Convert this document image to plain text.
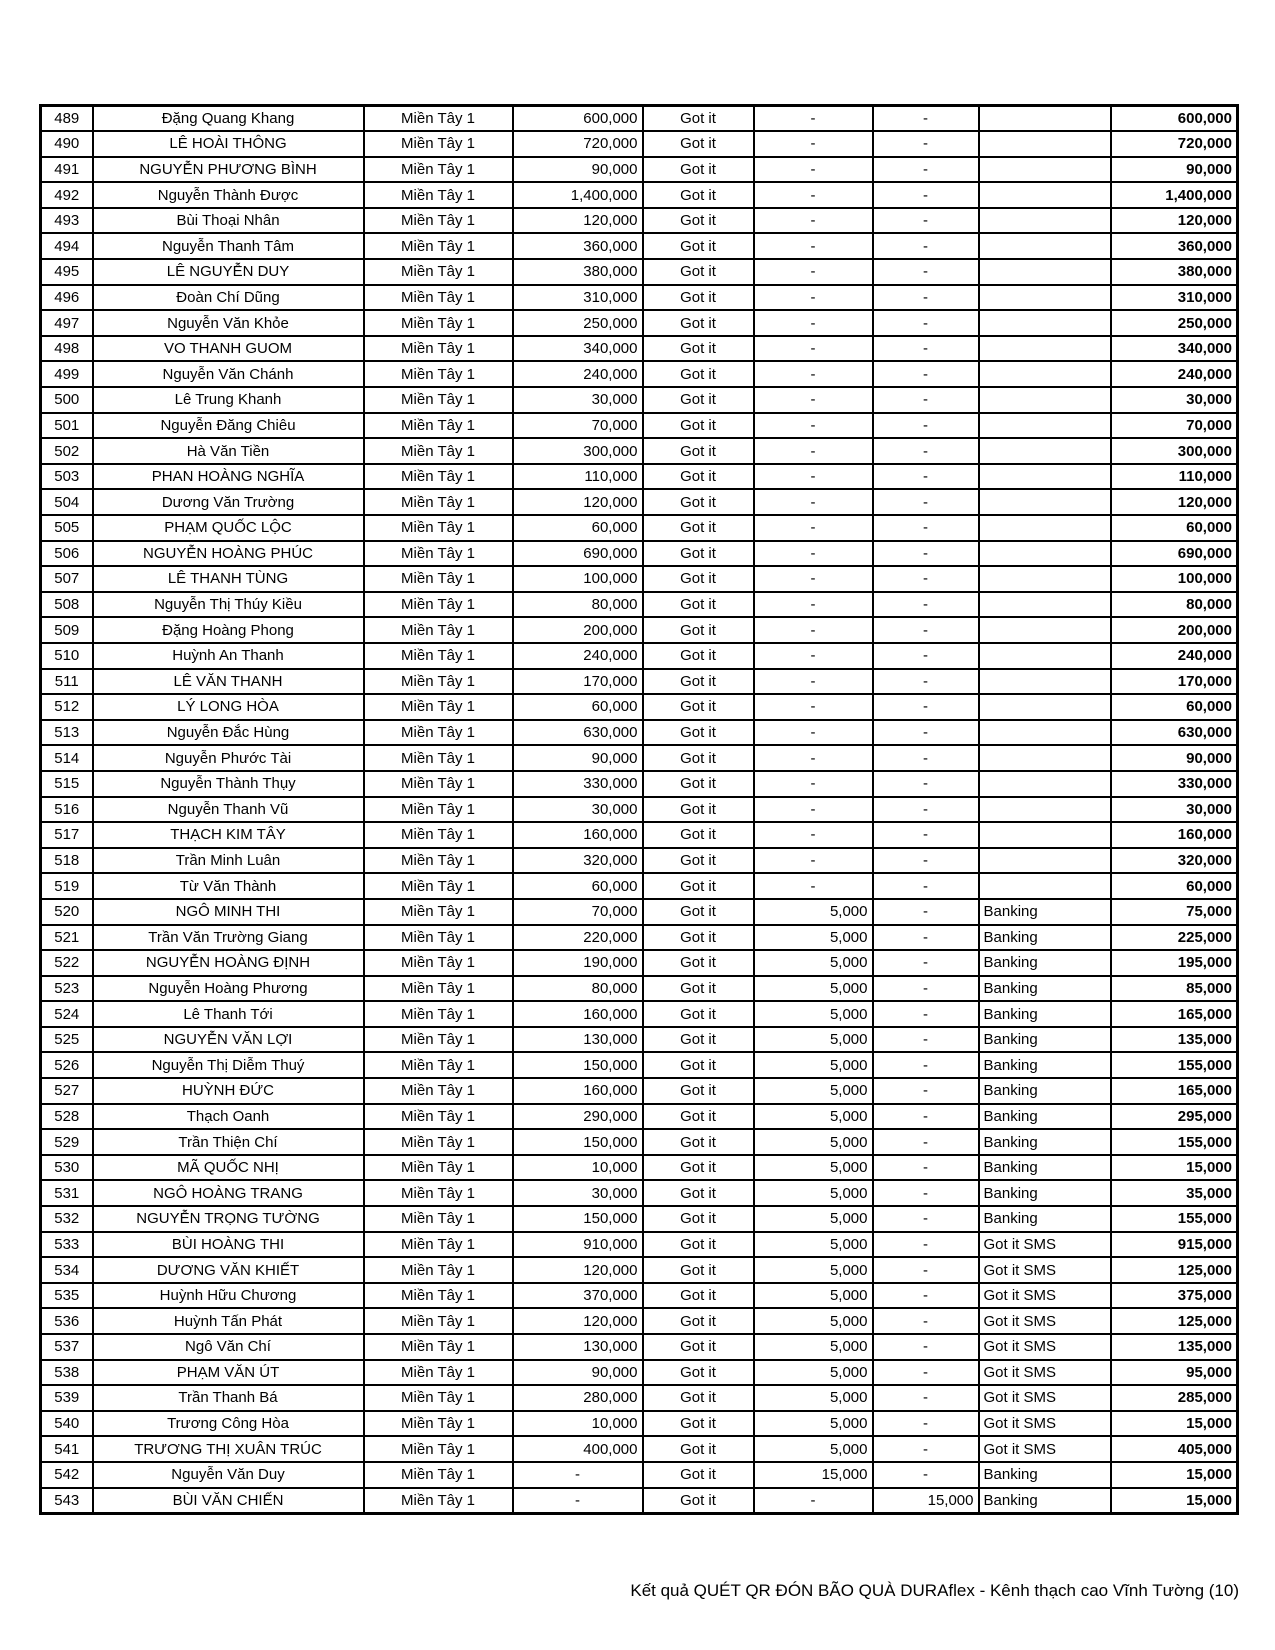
489	Đặng Quang Khang	Miền Tây 1	600,000	Got it	-	-		600,000
490	LÊ HOÀI THÔNG	Miền Tây 1	720,000	Got it	-	-		720,000
491	NGUYỄN PHƯƠNG BÌNH	Miền Tây 1	90,000	Got it	-	-		90,000
492	Nguyễn Thành Được	Miền Tây 1	1,400,000	Got it	-	-		1,400,000
493	Bùi Thoại Nhân	Miền Tây 1	120,000	Got it	-	-		120,000
494	Nguyễn Thanh Tâm	Miền Tây 1	360,000	Got it	-	-		360,000
495	LÊ NGUYỄN DUY	Miền Tây 1	380,000	Got it	-	-		380,000
496	Đoàn Chí Dũng	Miền Tây 1	310,000	Got it	-	-		310,000
497	Nguyễn Văn Khỏe	Miền Tây 1	250,000	Got it	-	-		250,000
498	VO THANH GUOM	Miền Tây 1	340,000	Got it	-	-		340,000
499	Nguyễn Văn Chánh	Miền Tây 1	240,000	Got it	-	-		240,000
500	Lê Trung Khanh	Miền Tây 1	30,000	Got it	-	-		30,000
501	Nguyễn Đăng Chiêu	Miền Tây 1	70,000	Got it	-	-		70,000
502	Hà Văn Tiền	Miền Tây 1	300,000	Got it	-	-		300,000
503	PHAN HOÀNG NGHĨA	Miền Tây 1	110,000	Got it	-	-		110,000
504	Dương Văn Trường	Miền Tây 1	120,000	Got it	-	-		120,000
505	PHẠM QUỐC LỘC	Miền Tây 1	60,000	Got it	-	-		60,000
506	NGUYỄN HOÀNG PHÚC	Miền Tây 1	690,000	Got it	-	-		690,000
507	LÊ THANH TÙNG	Miền Tây 1	100,000	Got it	-	-		100,000
508	Nguyễn Thị Thúy Kiều	Miền Tây 1	80,000	Got it	-	-		80,000
509	Đặng Hoàng Phong	Miền Tây 1	200,000	Got it	-	-		200,000
510	Huỳnh An Thanh	Miền Tây 1	240,000	Got it	-	-		240,000
511	LÊ VĂN THANH	Miền Tây 1	170,000	Got it	-	-		170,000
512	LÝ LONG HÒA	Miền Tây 1	60,000	Got it	-	-		60,000
513	Nguyễn Đắc Hùng	Miền Tây 1	630,000	Got it	-	-		630,000
514	Nguyễn Phước Tài	Miền Tây 1	90,000	Got it	-	-		90,000
515	Nguyễn Thành Thụy	Miền Tây 1	330,000	Got it	-	-		330,000
516	Nguyễn Thanh Vũ	Miền Tây 1	30,000	Got it	-	-		30,000
517	THẠCH KIM TÂY	Miền Tây 1	160,000	Got it	-	-		160,000
518	Trần Minh Luân	Miền Tây 1	320,000	Got it	-	-		320,000
519	Từ Văn Thành	Miền Tây 1	60,000	Got it	-	-		60,000
520	NGÔ MINH THI	Miền Tây 1	70,000	Got it	5,000	-	Banking	75,000
521	Trần Văn Trường Giang	Miền Tây 1	220,000	Got it	5,000	-	Banking	225,000
522	NGUYỄN HOÀNG ĐỊNH	Miền Tây 1	190,000	Got it	5,000	-	Banking	195,000
523	Nguyễn Hoàng Phương	Miền Tây 1	80,000	Got it	5,000	-	Banking	85,000
524	Lê Thanh Tới	Miền Tây 1	160,000	Got it	5,000	-	Banking	165,000
525	NGUYỄN VĂN LỢI	Miền Tây 1	130,000	Got it	5,000	-	Banking	135,000
526	Nguyễn Thị Diễm Thuý	Miền Tây 1	150,000	Got it	5,000	-	Banking	155,000
527	HUỲNH ĐỨC	Miền Tây 1	160,000	Got it	5,000	-	Banking	165,000
528	Thạch Oanh	Miền Tây 1	290,000	Got it	5,000	-	Banking	295,000
529	Trần Thiện Chí	Miền Tây 1	150,000	Got it	5,000	-	Banking	155,000
530	MÃ QUỐC NHỊ	Miền Tây 1	10,000	Got it	5,000	-	Banking	15,000
531	NGÔ HOÀNG TRANG	Miền Tây 1	30,000	Got it	5,000	-	Banking	35,000
532	NGUYỄN TRỌNG TƯỜNG	Miền Tây 1	150,000	Got it	5,000	-	Banking	155,000
533	BÙI HOÀNG THI	Miền Tây 1	910,000	Got it	5,000	-	Got it SMS	915,000
534	DƯƠNG VĂN KHIẾT	Miền Tây 1	120,000	Got it	5,000	-	Got it SMS	125,000
535	Huỳnh Hữu Chương	Miền Tây 1	370,000	Got it	5,000	-	Got it SMS	375,000
536	Huỳnh Tấn Phát	Miền Tây 1	120,000	Got it	5,000	-	Got it SMS	125,000
537	Ngô Văn Chí	Miền Tây 1	130,000	Got it	5,000	-	Got it SMS	135,000
538	PHẠM VĂN ÚT	Miền Tây 1	90,000	Got it	5,000	-	Got it SMS	95,000
539	Trần Thanh Bá	Miền Tây 1	280,000	Got it	5,000	-	Got it SMS	285,000
540	Trương Công Hòa	Miền Tây 1	10,000	Got it	5,000	-	Got it SMS	15,000
541	TRƯƠNG THỊ XUÂN TRÚC	Miền Tây 1	400,000	Got it	5,000	-	Got it SMS	405,000
542	Nguyễn Văn Duy	Miền Tây 1	-	Got it	15,000	-	Banking	15,000
543	BÙI VĂN CHIẾN	Miền Tây 1	-	Got it	-	15,000	Banking	15,000
Kết quả QUÉT QR ĐÓN BÃO QUÀ DURAflex - Kênh thạch cao Vĩnh Tường (10)
